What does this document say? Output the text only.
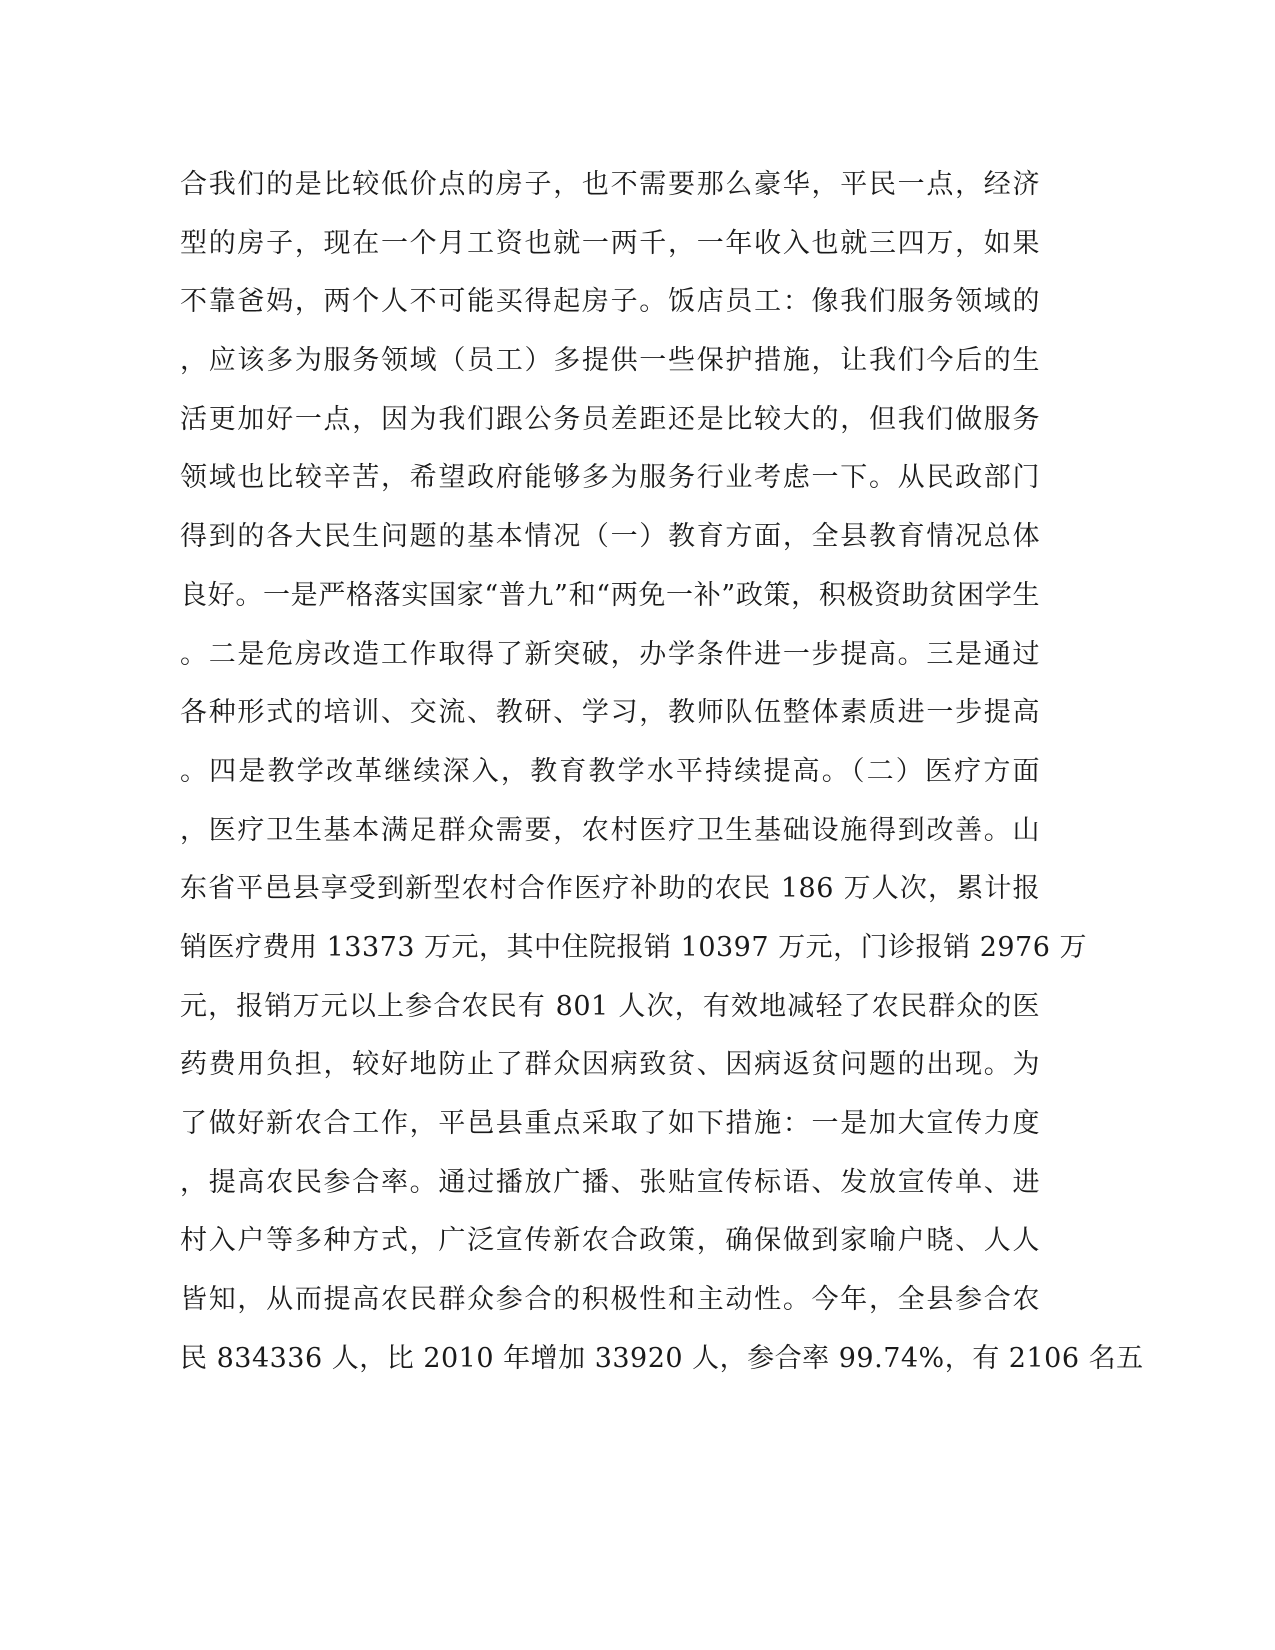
合我们的是比较低价点的房子，也不需要那么豪华，平民一点，经济
型的房子，现在一个月工资也就一两千，一年收入也就三四万，如果
不靠爸妈，两个人不可能买得起房子。饭店员工：像我们服务领域的
，应该多为服务领域（员工）多提供一些保护措施，让我们今后的生
活更加好一点，因为我们跟公务员差距还是比较大的，但我们做服务
领域也比较辛苦，希望政府能够多为服务行业考虑一下。从民政部门
得到的各大民生问题的基本情况（一）教育方面，全县教育情况总体
良好。一是严格落实国家“普九”和“两免一补”政策，积极资助贫困学生
。二是危房改造工作取得了新突破，办学条件进一步提高。三是通过
各种形式的培训、交流、教研、学习，教师队伍整体素质进一步提高
。四是教学改革继续深入，教育教学水平持续提高。（二）医疗方面
，医疗卫生基本满足群众需要，农村医疗卫生基础设施得到改善。山
东省平邑县享受到新型农村合作医疗补助的农民 186 万人次，累计报
销医疗费用 13373 万元，其中住院报销 10397 万元，门诊报销 2976 万
元，报销万元以上参合农民有 801 人次，有效地减轻了农民群众的医
药费用负担，较好地防止了群众因病致贫、因病返贫问题的出现。为
了做好新农合工作，平邑县重点采取了如下措施：一是加大宣传力度
，提高农民参合率。通过播放广播、张贴宣传标语、发放宣传单、进
村入户等多种方式，广泛宣传新农合政策，确保做到家喻户晓、人人
皆知，从而提高农民群众参合的积极性和主动性。今年，全县参合农
民 834336 人，比 2010 年增加 33920 人，参合率 99.74%，有 2106 名五
